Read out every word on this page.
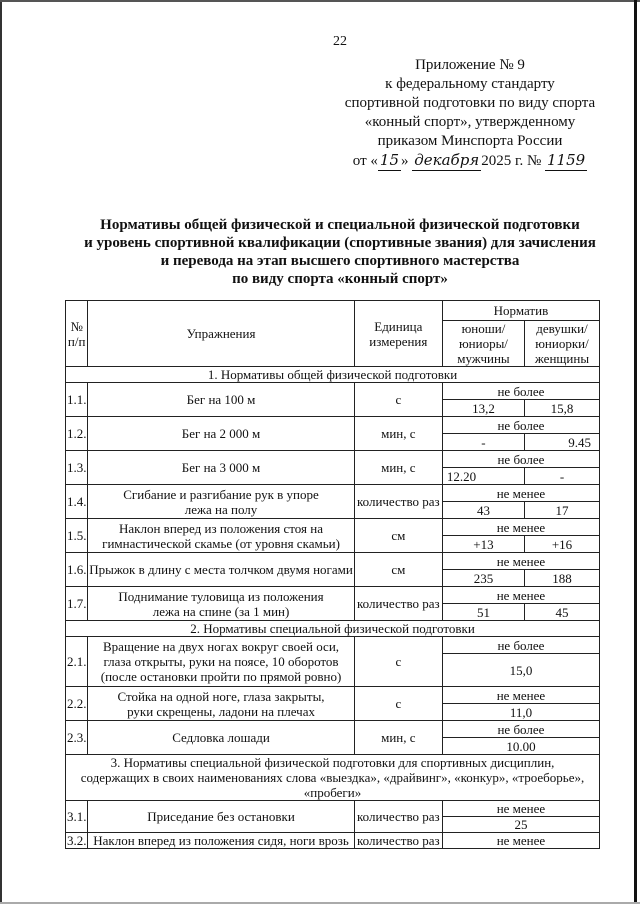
22
Приложение № 9
к федеральному стандарту
спортивной подготовки по виду спорта
«конный спорт», утвержденному
приказом Минспорта России
от « 15 » декабря 2025 г. № 1159
Нормативы общей физической и специальной физической подготовки
и уровень спортивной квалификации (спортивные звания) для зачисления
и перевода на этап высшего спортивного мастерства
по виду спорта «конный спорт»
№ п/п	Упражнения	Единица измерения	Норматив	
			юноши/ юниоры/ мужчины	девушки/ юниорки/ женщины
1. Нормативы общей физической подготовки				
1.1.	Бег на 100 м	с	не более	
			13,2	15,8
1.2.	Бег на 2 000 м	мин, с	не более	
			-	9.45
1.3.	Бег на 3 000 м	мин, с	не более	
			12.20	-
1.4.	Сгибание и разгибание рук в упоре лежа на полу	количество раз	не менее	
			43	17
1.5.	Наклон вперед из положения стоя на гимнастической скамье (от уровня скамьи)	см	не менее	
			+13	+16
1.6.	Прыжок в длину с места толчком двумя ногами	см	не менее	
			235	188
1.7.	Поднимание туловища из положения лежа на спине (за 1 мин)	количество раз	не менее	
			51	45
2. Нормативы специальной физической подготовки				
2.1.	Вращение на двух ногах вокруг своей оси, глаза открыты, руки на поясе, 10 оборотов (после остановки пройти по прямой ровно)	с	не более	
			15,0	
2.2.	Стойка на одной ноге, глаза закрыты, руки скрещены, ладони на плечах	с	не менее	
			11,0	
2.3.	Седловка лошади	мин, с	не более	
			10.00	
3. Нормативы специальной физической подготовки для спортивных дисциплин, содержащих в своих наименованиях слова «выездка», «драйвинг», «конкур», «троеборье», «пробеги»				
3.1.	Приседание без остановки	количество раз	не менее	
			25	
3.2.	Наклон вперед из положения сидя, ноги врозь	количество раз	не менее	
